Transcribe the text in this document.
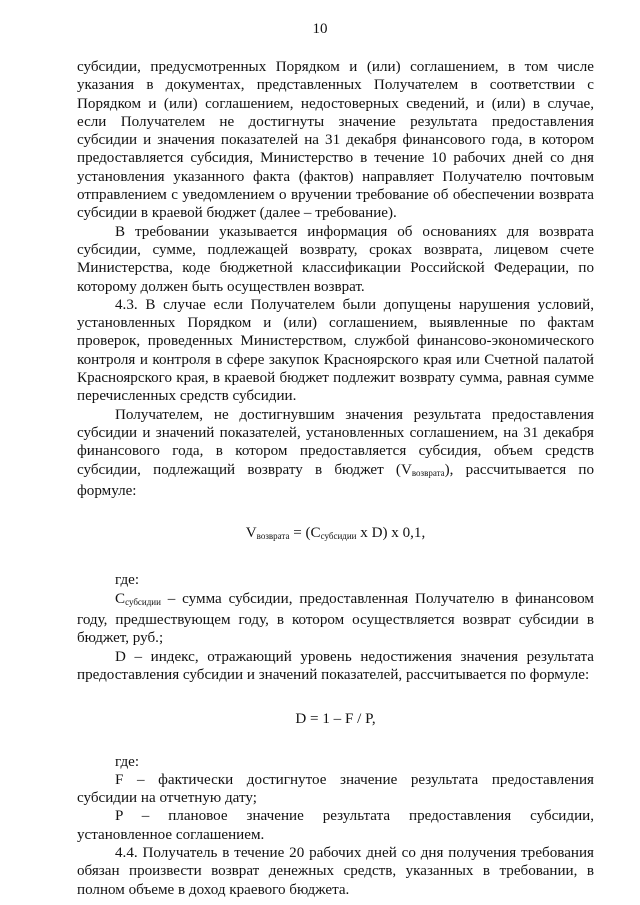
10

субсидии, предусмотренных Порядком и (или) соглашением, в том числе указания в документах, представленных Получателем в соответствии с Порядком и (или) соглашением, недостоверных сведений, и (или) в случае, если Получателем не достигнуты значение результата предоставления субсидии и значения показателей на 31 декабря финансового года, в котором предоставляется субсидия, Министерство в течение 10 рабочих дней со дня установления указанного факта (фактов) направляет Получателю почтовым отправлением с уведомлением о вручении требование об обеспечении возврата субсидии в краевой бюджет (далее – требование).

В требовании указывается информация об основаниях для возврата субсидии, сумме, подлежащей возврату, сроках возврата, лицевом счете Министерства, коде бюджетной классификации Российской Федерации, по которому должен быть осуществлен возврат.

4.3. В случае если Получателем были допущены нарушения условий, установленных Порядком и (или) соглашением, выявленные по фактам проверок, проведенных Министерством, службой финансово-экономического контроля и контроля в сфере закупок Красноярского края или Счетной палатой Красноярского края, в краевой бюджет подлежит возврату сумма, равная сумме перечисленных средств субсидии.

Получателем, не достигнувшим значения результата предоставления субсидии и значений показателей, установленных соглашением, на 31 декабря финансового года, в котором предоставляется субсидия, объем средств субсидии, подлежащий возврату в бюджет $(V_{возврата})$, рассчитывается по формуле:

$V_{возврата} = (C_{субсидии}$ x D) x 0,1,

где:

$C_{субсидии}$ – сумма субсидии, предоставленная Получателю в финансовом году, предшествующем году, в котором осуществляется возврат субсидии в бюджет, руб.;

D – индекс, отражающий уровень недостижения значения результата предоставления субсидии и значений показателей, рассчитывается по формуле:

D = 1 – F / P,

где:

F – фактически достигнутое значение результата предоставления субсидии на отчетную дату;

P – плановое значение результата предоставления субсидии, установленное соглашением.

4.4. Получатель в течение 20 рабочих дней со дня получения требования обязан произвести возврат денежных средств, указанных в требовании, в полном объеме в доход краевого бюджета.
